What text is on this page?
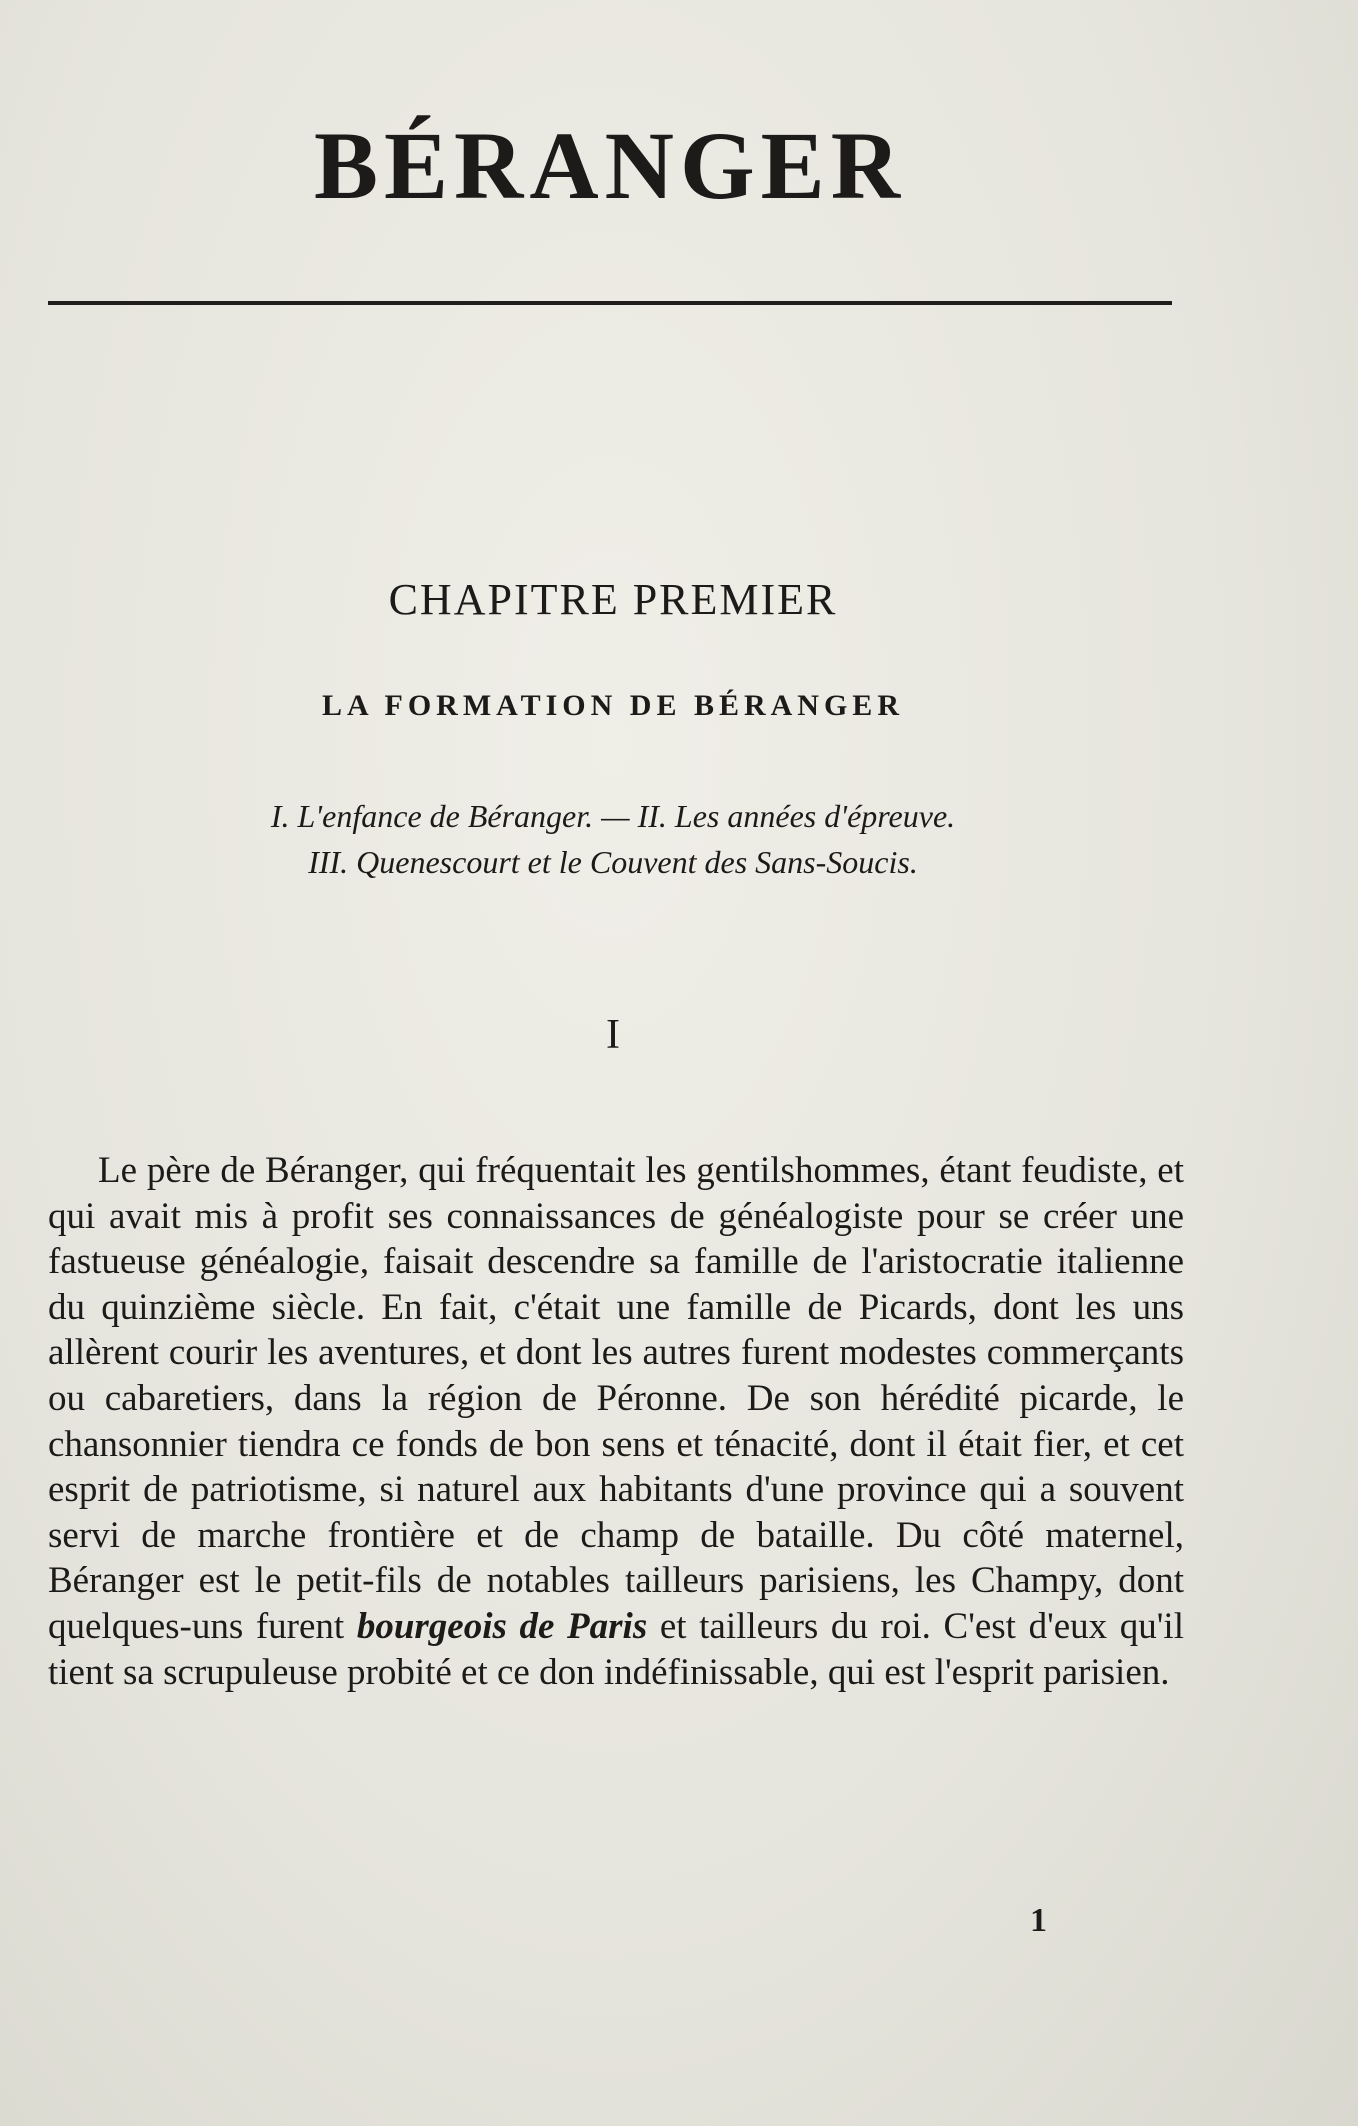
BÉRANGER
CHAPITRE PREMIER
LA FORMATION DE BÉRANGER
I. L'enfance de Béranger. — II. Les années d'épreuve.
III. Quenescourt et le Couvent des Sans-Soucis.
I

Le père de Béranger, qui fréquentait les gentilshommes, étant feudiste, et qui avait mis à profit ses connaissances de généalogiste pour se créer une fastueuse généalogie, faisait descendre sa famille de l'aristocratie italienne du quinzième siècle. En fait, c'était une famille de Picards, dont les uns allèrent courir les aventures, et dont les autres furent modestes commerçants ou cabaretiers, dans la région de Péronne. De son hérédité picarde, le chansonnier tiendra ce fonds de bon sens et ténacité, dont il était fier, et cet esprit de patriotisme, si naturel aux habitants d'une province qui a souvent servi de marche frontière et de champ de bataille. Du côté maternel, Béranger est le petit-fils de notables tailleurs parisiens, les Champy, dont quelques-uns furent bourgeois de Paris et tailleurs du roi. C'est d'eux qu'il tient sa scrupuleuse probité et ce don indéfinissable, qui est l'esprit parisien.

1
